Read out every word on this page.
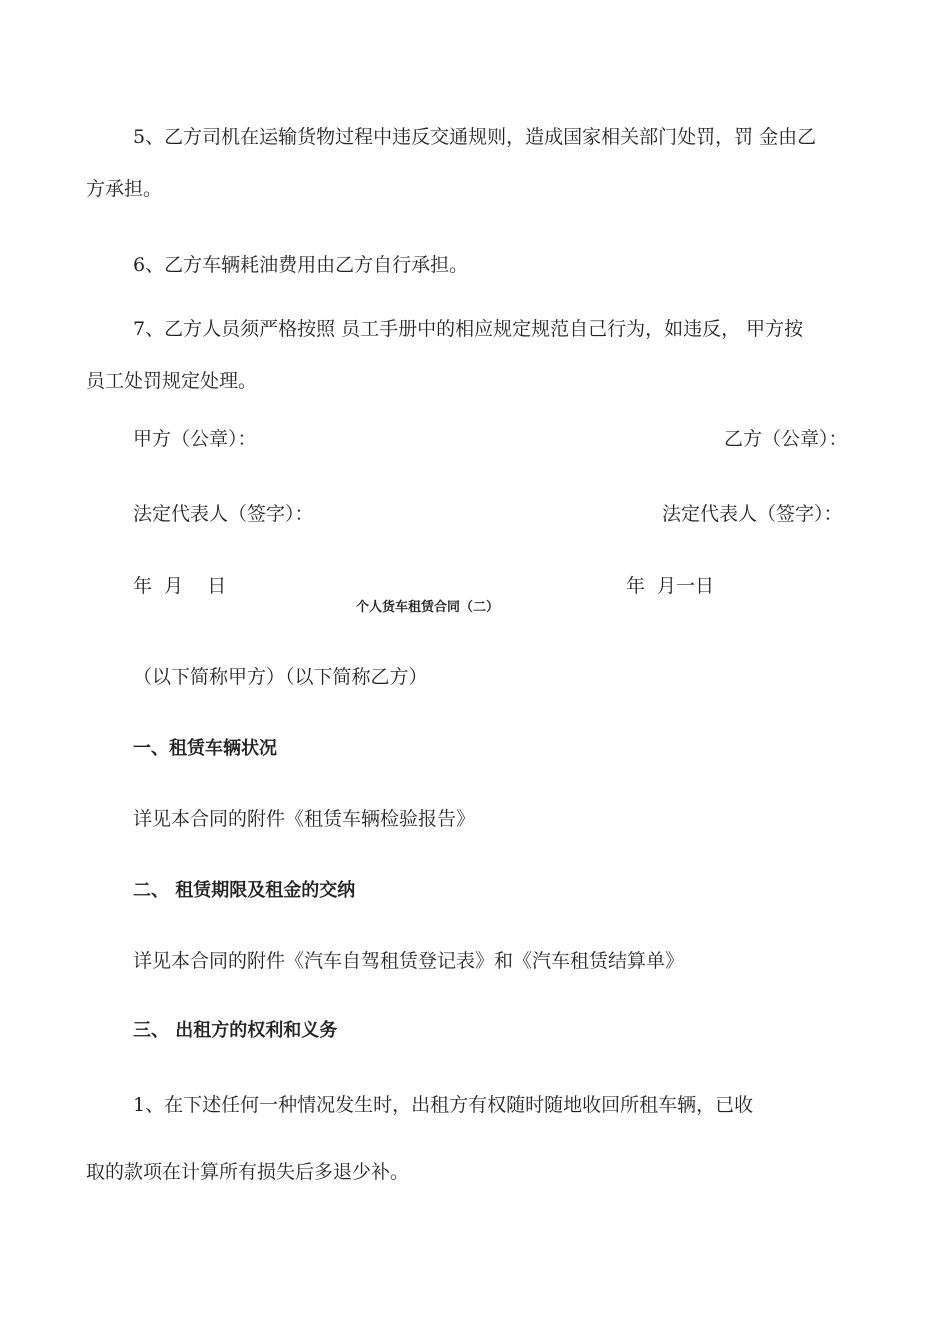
5、乙方司机在运输货物过程中违反交通规则，造成国家相关部门处罚，罚 金由乙
方承担。
6、乙方车辆耗油费用由乙方自行承担。
7、乙方人员须严格按照 员工手册中的相应规定规范自己行为，如违反， 甲方按
员工处罚规定处理。
甲方（公章）：	乙方（公章）：
法定代表人（签字）：	法定代表人（签字）：
年  月    日	年  月一日
个人货车租赁合同（二）
（以下简称甲方）（以下简称乙方）
一、租赁车辆状况
详见本合同的附件《租赁车辆检验报告》
二、 租赁期限及租金的交纳
详见本合同的附件《汽车自驾租赁登记表》和《汽车租赁结算单》
三、 出租方的权利和义务
1、在下述任何一种情况发生时，出租方有权随时随地收回所租车辆，已收
取的款项在计算所有损失后多退少补。
